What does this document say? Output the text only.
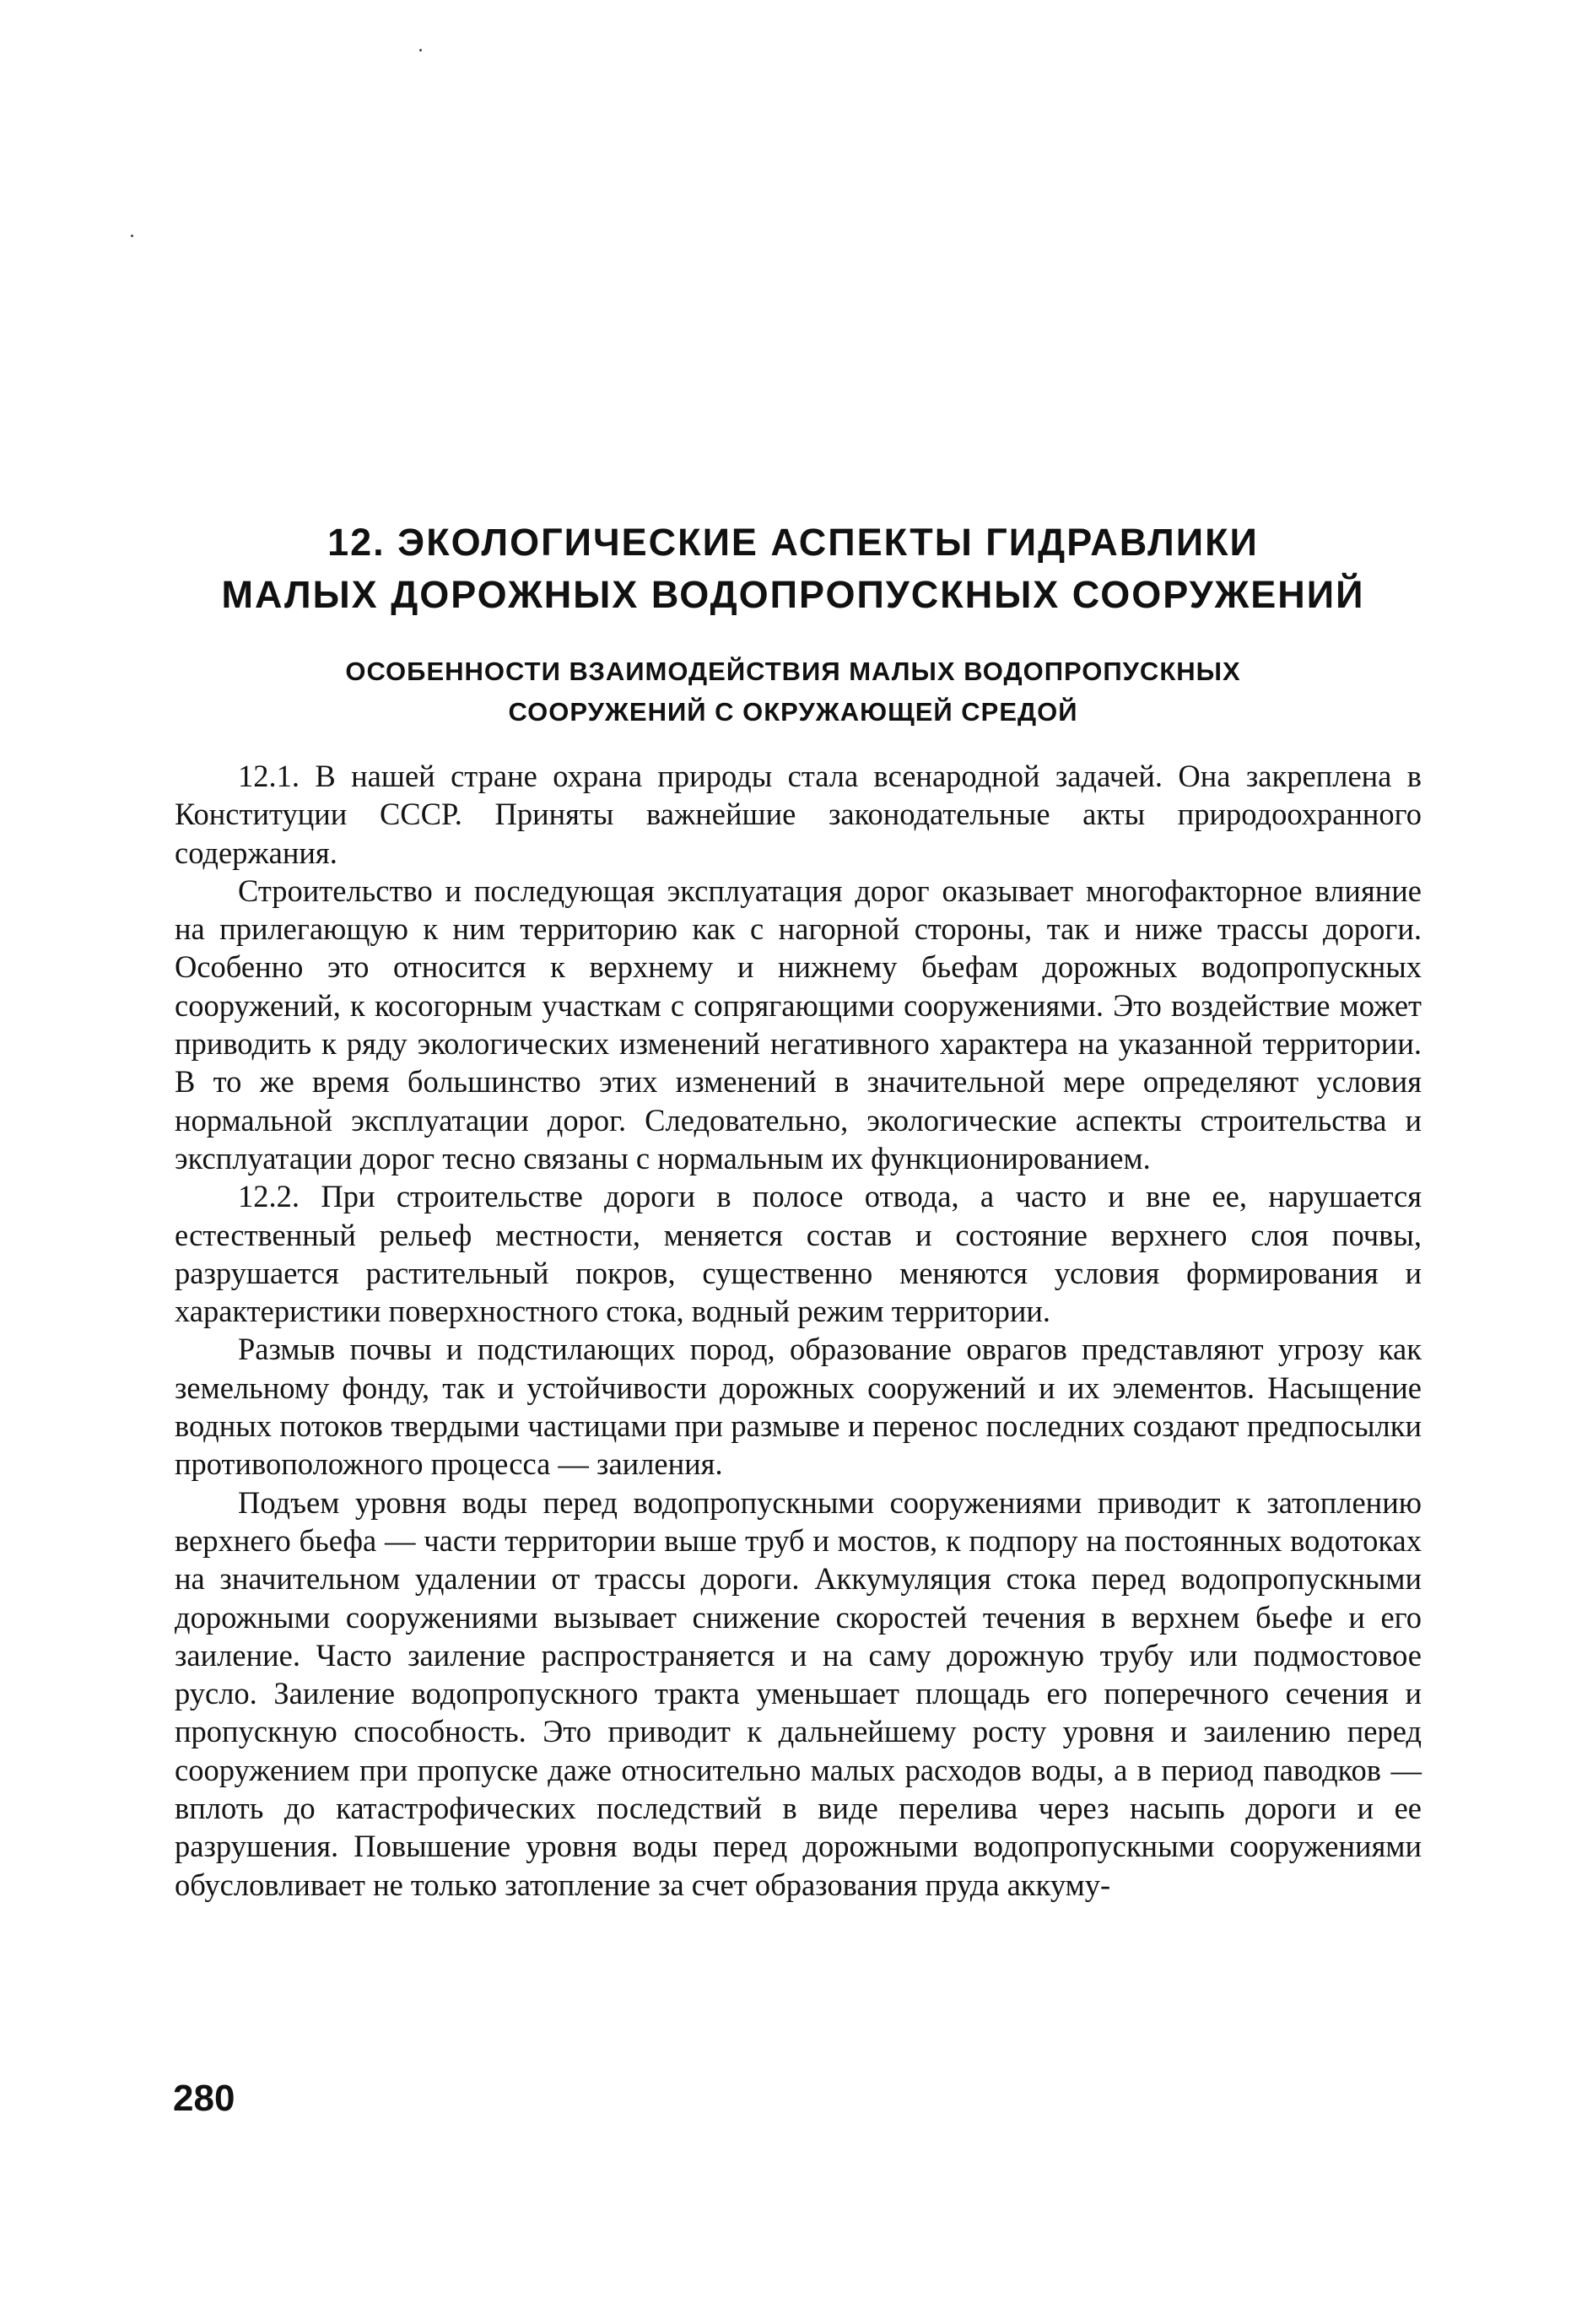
12. ЭКОЛОГИЧЕСКИЕ АСПЕКТЫ ГИДРАВЛИКИ
МАЛЫХ ДОРОЖНЫХ ВОДОПРОПУСКНЫХ СООРУЖЕНИЙ
ОСОБЕННОСТИ ВЗАИМОДЕЙСТВИЯ МАЛЫХ ВОДОПРОПУСКНЫХ
СООРУЖЕНИЙ С ОКРУЖАЮЩЕЙ СРЕДОЙ

12.1. В нашей стране охрана природы стала всенародной задачей. Она закреплена в Конституции СССР. Приняты важнейшие законодательные акты природоохранного содержания.

Строительство и последующая эксплуатация дорог оказывает многофакторное влияние на прилегающую к ним территорию как с нагорной стороны, так и ниже трассы дороги. Особенно это относится к верхнему и нижнему бьефам дорожных водопропускных сооружений, к косогорным участкам с сопрягающими сооружениями. Это воздействие может приводить к ряду экологических изменений негативного характера на указанной территории. В то же время большинство этих изменений в значительной мере определяют условия нормальной эксплуатации дорог. Следовательно, экологические аспекты строительства и эксплуатации дорог тесно связаны с нормальным их функционированием.

12.2. При строительстве дороги в полосе отвода, а часто и вне ее, нарушается естественный рельеф местности, меняется состав и состояние верхнего слоя почвы, разрушается растительный покров, существенно меняются условия формирования и характеристики поверхностного стока, водный режим территории.

Размыв почвы и подстилающих пород, образование оврагов представляют угрозу как земельному фонду, так и устойчивости дорожных сооружений и их элементов. Насыщение водных потоков твердыми частицами при размыве и перенос последних создают предпосылки противоположного процесса — заиления.

Подъем уровня воды перед водопропускными сооружениями приводит к затоплению верхнего бьефа — части территории выше труб и мостов, к подпору на постоянных водотоках на значительном удалении от трассы дороги. Аккумуляция стока перед водопропускными дорожными сооружениями вызывает снижение скоростей течения в верхнем бьефе и его заиление. Часто заиление распространяется и на саму дорожную трубу или подмостовое русло. Заиление водопропускного тракта уменьшает площадь его поперечного сечения и пропускную способность. Это приводит к дальнейшему росту уровня и заилению перед сооружением при пропуске даже относительно малых расходов воды, а в период паводков — вплоть до катастрофических последствий в виде перелива через насыпь дороги и ее разрушения. Повышение уровня воды перед дорожными водопропускными сооружениями обусловливает не только затопление за счет образования пруда аккуму-

280
